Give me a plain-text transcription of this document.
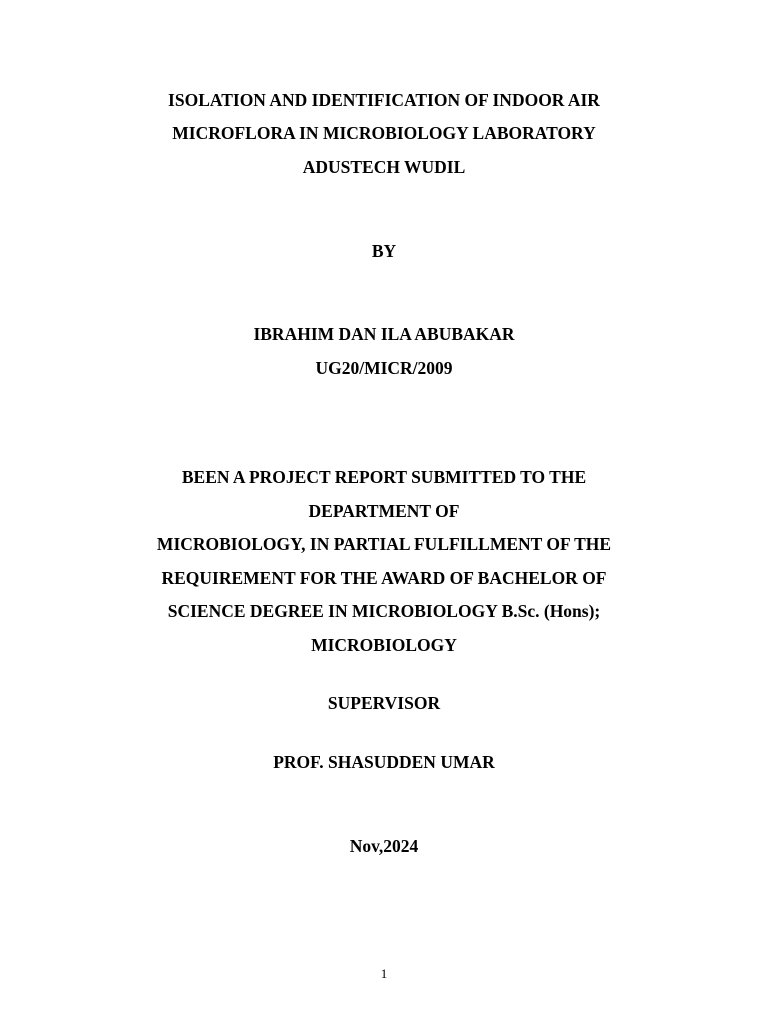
ISOLATION AND IDENTIFICATION OF INDOOR AIR
MICROFLORA IN MICROBIOLOGY LABORATORY
ADUSTECH WUDIL
BY
IBRAHIM DAN ILA ABUBAKAR
UG20/MICR/2009
BEEN A PROJECT REPORT SUBMITTED TO THE
DEPARTMENT OF
MICROBIOLOGY, IN PARTIAL FULFILLMENT OF THE
REQUIREMENT FOR THE AWARD OF BACHELOR OF
SCIENCE DEGREE IN MICROBIOLOGY B.Sc. (Hons);
MICROBIOLOGY
SUPERVISOR
PROF. SHASUDDEN UMAR
Nov,2024
1
